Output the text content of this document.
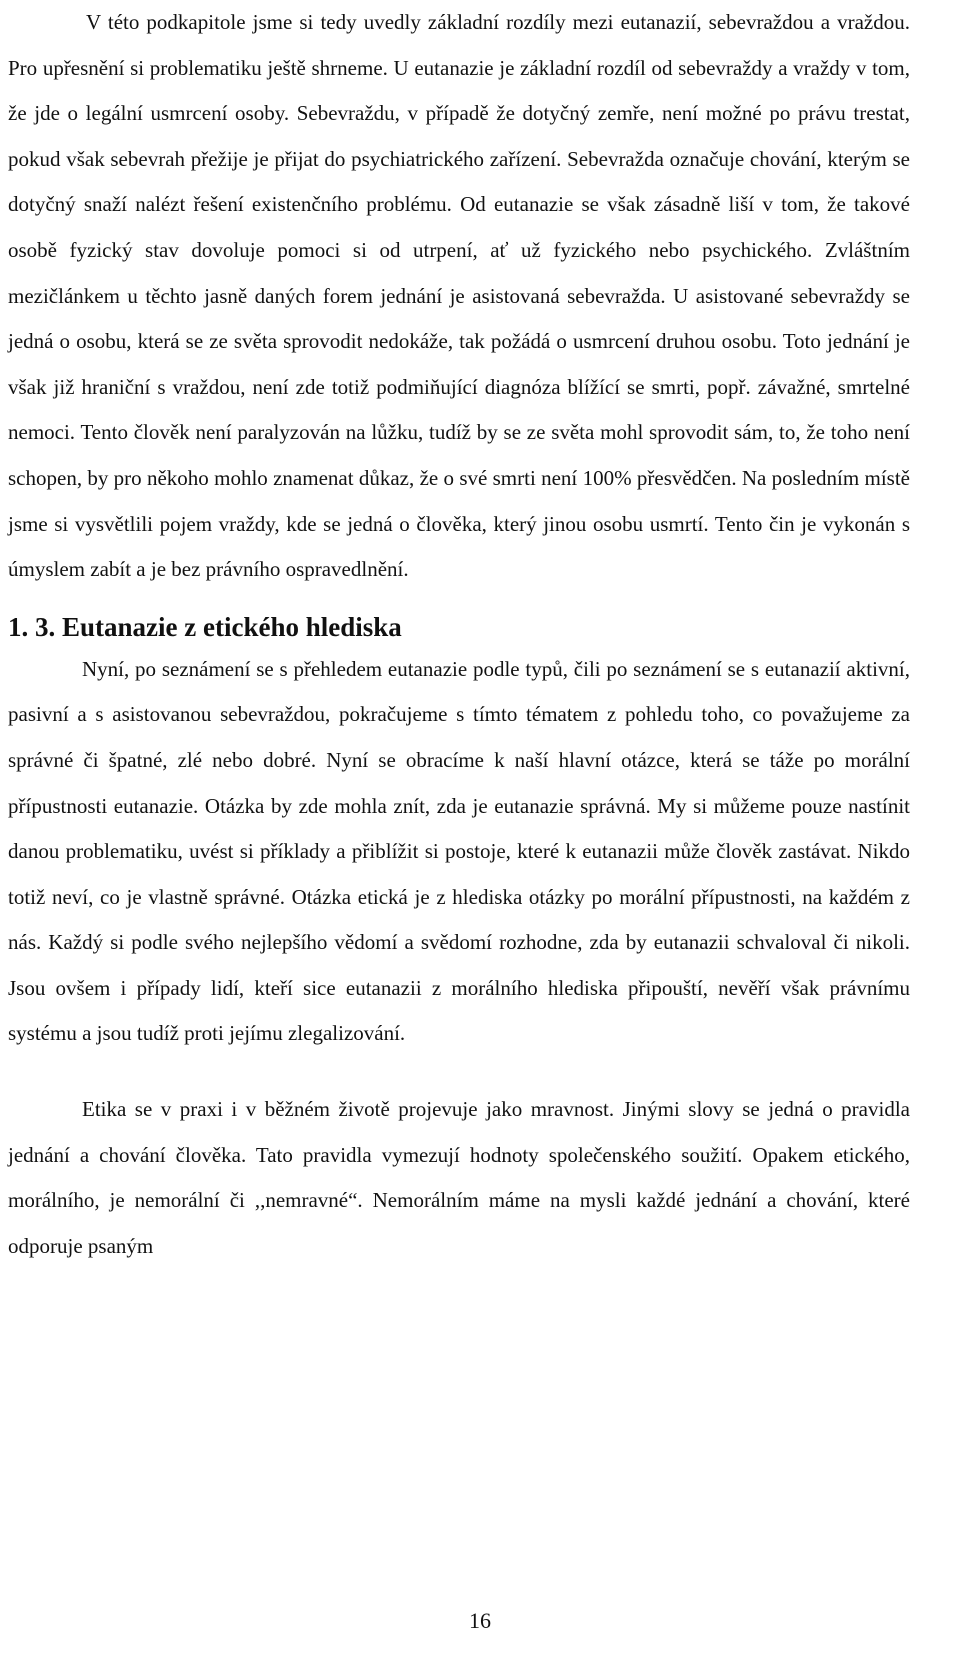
V této podkapitole jsme si tedy uvedly základní rozdíly mezi eutanazií, sebevraždou a vraždou. Pro upřesnění si problematiku ještě shrneme. U eutanazie je základní rozdíl od sebevraždy a vraždy v tom, že jde o legální usmrcení osoby. Sebevraždu, v případě že dotyčný zemře, není možné po právu trestat, pokud však sebevrah přežije je přijat do psychiatrického zařízení. Sebevražda označuje chování, kterým se dotyčný snaží nalézt řešení existenčního problému. Od eutanazie se však zásadně liší v tom, že takové osobě fyzický stav dovoluje pomoci si od utrpení, ať už fyzického nebo psychického. Zvláštním mezičlánkem u těchto jasně daných forem jednání je asistovaná sebevražda. U asistované sebevraždy se jedná o osobu, která se ze světa sprovodit nedokáže, tak požádá o usmrcení druhou osobu. Toto jednání je však již hraniční s vraždou, není zde totiž podmiňující diagnóza blížící se smrti, popř. závažné, smrtelné nemoci. Tento člověk není paralyzován na lůžku, tudíž by se ze světa mohl sprovodit sám, to, že toho není schopen, by pro někoho mohlo znamenat důkaz, že o své smrti není 100% přesvědčen. Na posledním místě jsme si vysvětlili pojem vraždy, kde se jedná o člověka, který jinou osobu usmrtí. Tento čin je vykonán s úmyslem zabít a je bez právního ospravedlnění.

1. 3. Eutanazie z etického hlediska

Nyní, po seznámení se s přehledem eutanazie podle typů, čili po seznámení se s eutanazií aktivní, pasivní a s asistovanou sebevraždou, pokračujeme s tímto tématem z pohledu toho, co považujeme za správné či špatné, zlé nebo dobré. Nyní se obracíme k naší hlavní otázce, která se táže po morální přípustnosti eutanazie. Otázka by zde mohla znít, zda je eutanazie správná. My si můžeme pouze nastínit danou problematiku, uvést si příklady a přiblížit si postoje, které k eutanazii může člověk zastávat. Nikdo totiž neví, co je vlastně správné. Otázka etická je z hlediska otázky po morální přípustnosti, na každém z nás. Každý si podle svého nejlepšího vědomí a svědomí rozhodne, zda by eutanazii schvaloval či nikoli. Jsou ovšem i případy lidí, kteří sice eutanazii z morálního hlediska připouští, nevěří však právnímu systému a jsou tudíž proti jejímu zlegalizování.

Etika se v praxi i v běžném životě projevuje jako mravnost. Jinými slovy se jedná o pravidla jednání a chování člověka. Tato pravidla vymezují hodnoty společenského soužití. Opakem etického, morálního, je nemorální či ,,nemravné“. Nemorálním máme na mysli každé jednání a chování, které odporuje psaným

16
